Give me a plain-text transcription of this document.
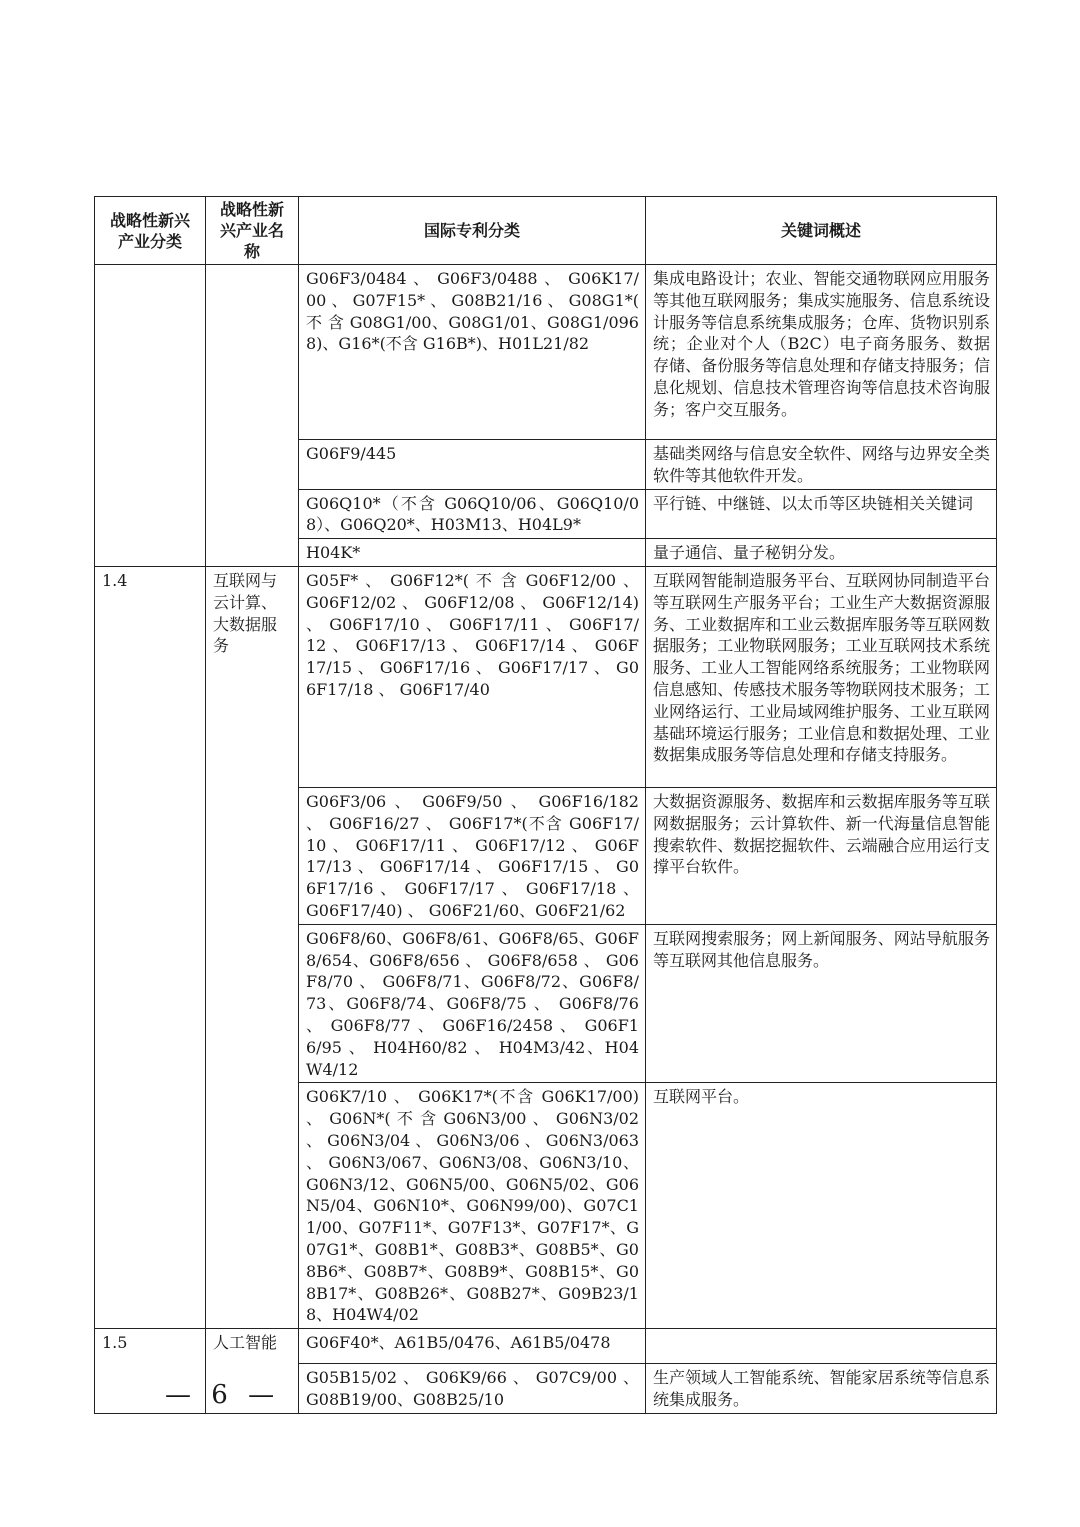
战略性新兴产业分类	战略性新兴产业名称	国际专利分类	关键词概述
		G06F3/0484 、 G06F3/0488 、 G06K17/00 、 G07F15* 、 G08B21/16 、 G08G1*( 不 含 G08G1/00、G08G1/01、G08G1/0968)、G16*(不含 G16B*)、H01L21/82	集成电路设计；农业、智能交通物联网应用服务等其他互联网服务；集成实施服务、信息系统设计服务等信息系统集成服务；仓库、货物识别系统；企业对个人（B2C）电子商务服务、数据存储、备份服务等信息处理和存储支持服务；信息化规划、信息技术管理咨询等信息技术咨询服务；客户交互服务。
		G06F9/445	基础类网络与信息安全软件、网络与边界安全类软件等其他软件开发。
		G06Q10*（不含 G06Q10/06、G06Q10/08）、G06Q20*、H03M13、H04L9*	平行链、中继链、以太币等区块链相关关键词
		H04K*	量子通信、量子秘钥分发。
1.4	互联网与云计算、大数据服务	G05F* 、 G06F12*( 不 含 G06F12/00 、 G06F12/02 、 G06F12/08 、 G06F12/14) 、 G06F17/10 、 G06F17/11 、 G06F17/12 、 G06F17/13 、 G06F17/14 、 G06F17/15 、 G06F17/16 、 G06F17/17 、 G06F17/18 、 G06F17/40	互联网智能制造服务平台、互联网协同制造平台等互联网生产服务平台；工业生产大数据资源服务、工业数据库和工业云数据库服务等互联网数据服务；工业物联网服务；工业互联网技术系统服务、工业人工智能网络系统服务；工业物联网信息感知、传感技术服务等物联网技术服务；工业网络运行、工业局域网维护服务、工业互联网基础环境运行服务；工业信息和数据处理、工业数据集成服务等信息处理和存储支持服务。
		G06F3/06 、 G06F9/50 、 G06F16/182 、 G06F16/27 、 G06F17*(不含 G06F17/10 、 G06F17/11 、 G06F17/12 、 G06F17/13 、 G06F17/14 、 G06F17/15 、 G06F17/16 、 G06F17/17 、 G06F17/18 、 G06F17/40) 、 G06F21/60、G06F21/62	大数据资源服务、数据库和云数据库服务等互联网数据服务；云计算软件、新一代海量信息智能搜索软件、数据挖掘软件、云端融合应用运行支撑平台软件。
		G06F8/60、G06F8/61、G06F8/65、G06F8/654、G06F8/656 、 G06F8/658 、 G06F8/70 、 G06F8/71、G06F8/72、G06F8/73、G06F8/74、G06F8/75 、 G06F8/76 、 G06F8/77 、 G06F16/2458 、 G06F16/95 、 H04H60/82 、 H04M3/42、H04W4/12	互联网搜索服务；网上新闻服务、网站导航服务等互联网其他信息服务。
		G06K7/10 、 G06K17*(不含 G06K17/00) 、 G06N*( 不 含 G06N3/00 、 G06N3/02 、 G06N3/04 、 G06N3/06 、 G06N3/063 、 G06N3/067、G06N3/08、G06N3/10、G06N3/12、G06N5/00、G06N5/02、G06N5/04、G06N10*、G06N99/00)、G07C11/00、G07F11*、G07F13*、G07F17*、G07G1*、G08B1*、G08B3*、G08B5*、G08B6*、G08B7*、G08B9*、G08B15*、G08B17*、G08B26*、G08B27*、G09B23/18、H04W4/02	互联网平台。
1.5	人工智能	G06F40*、A61B5/0476、A61B5/0478	
		G05B15/02 、 G06K9/66 、 G07C9/00 、 G08B19/00、G08B25/10	生产领域人工智能系统、智能家居系统等信息系统集成服务。
— 6 —
